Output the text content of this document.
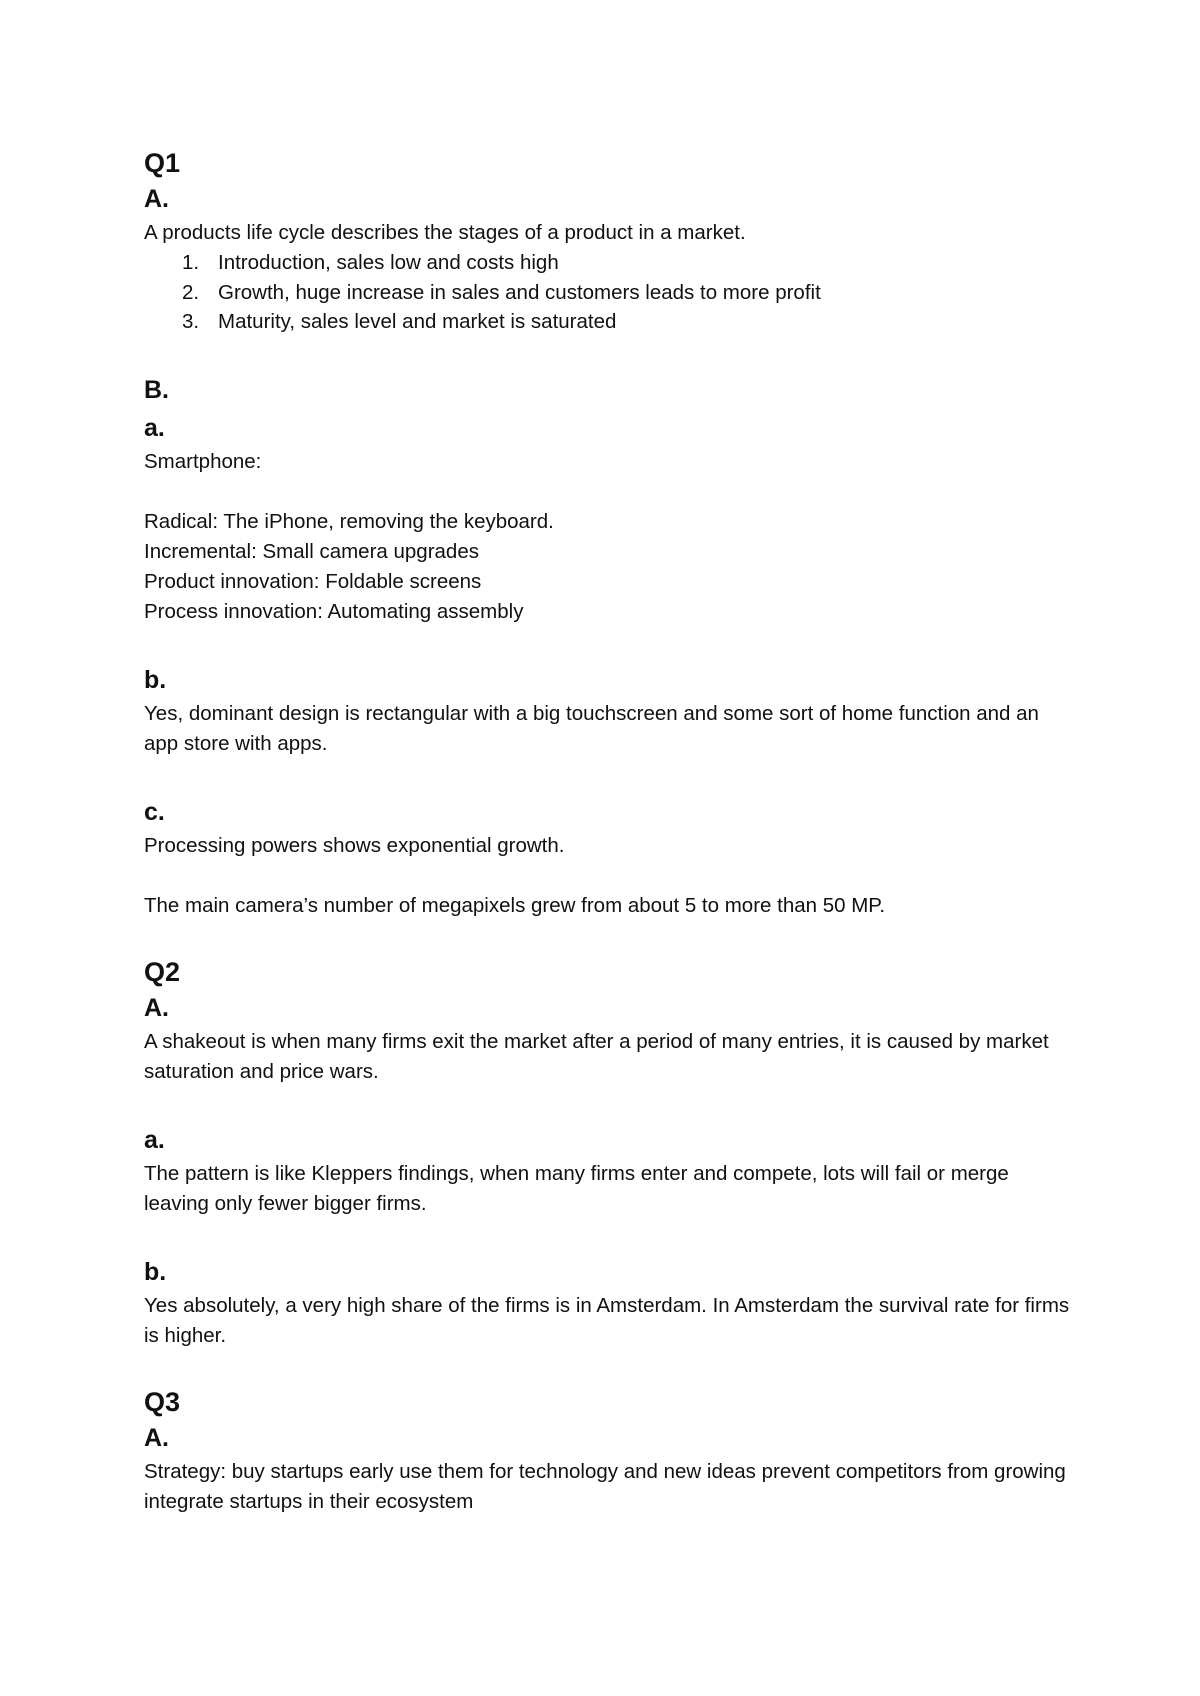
Q1
A.

A products life cycle describes the stages of a product in a market.

1. Introduction, sales low and costs high
2. Growth, huge increase in sales and customers leads to more profit
3. Maturity, sales level and market is saturated
B.
a.

Smartphone:

Radical: The iPhone, removing the keyboard.

Incremental: Small camera upgrades

Product innovation: Foldable screens

Process innovation: Automating assembly

b.

Yes, dominant design is rectangular with a big touchscreen and some sort of home function and an app store with apps.

c.

Processing powers shows exponential growth.

The main camera’s number of megapixels grew from about 5 to more than 50 MP.

Q2
A.

A shakeout is when many firms exit the market after a period of many entries, it is caused by market saturation and price wars.

a.

The pattern is like Kleppers findings, when many firms enter and compete, lots will fail or merge leaving only fewer bigger firms.

b.

Yes absolutely, a very high share of the firms is in Amsterdam. In Amsterdam the survival rate for firms is higher.

Q3
A.

Strategy: buy startups early use them for technology and new ideas prevent competitors from growing integrate startups in their ecosystem
